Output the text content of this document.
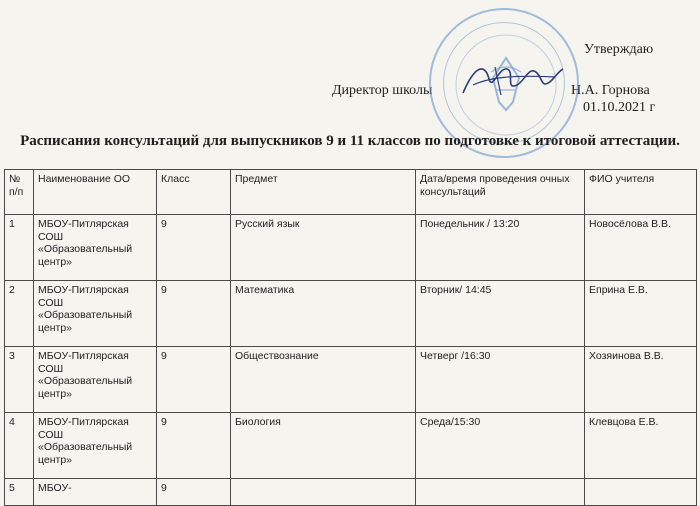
Утверждаю
Директор школы	Н.А. Горнова
01.10.2021 г
Расписания консультаций для выпускников 9 и 11 классов по подготовке к итоговой аттестации.
№ п/п	Наименование ОО	Класс	Предмет	Дата/время проведения очных консультаций	ФИО учителя
1	МБОУ-Питлярская СОШ «Образовательный центр»	9	Русский язык	Понедельник / 13:20	Новосёлова В.В.
2	МБОУ-Питлярская СОШ «Образовательный центр»	9	Математика	Вторник/ 14:45	Еприна Е.В.
3	МБОУ-Питлярская СОШ «Образовательный центр»	9	Обществознание	Четверг /16:30	Хозяинова В.В.
4	МБОУ-Питлярская СОШ «Образовательный центр»	9	Биология	Среда/15:30	Клевцова Е.В.
5	МБОУ-	9			
